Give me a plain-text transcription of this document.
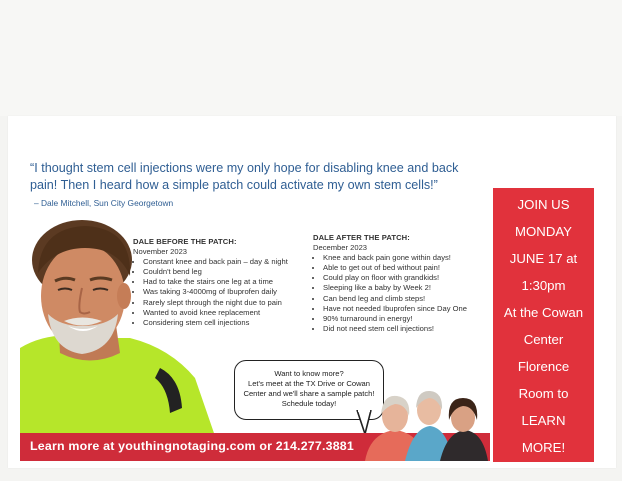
“I thought stem cell injections were my only hope for disabling knee and back
pain! Then I heard how a simple patch could activate my own stem cells!”
– Dale Mitchell, Sun City Georgetown
DALE BEFORE THE PATCH:
November 2023
• Constant knee and back pain – day & night
• Couldn't bend leg
• Had to take the stairs one leg at a time
• Was taking 3-4000mg of Ibuprofen daily
• Rarely slept through the night due to pain
• Wanted to avoid knee replacement
• Considering stem cell injections
DALE AFTER THE PATCH:
December 2023
• Knee and back pain gone within days!
• Able to get out of bed without pain!
• Could play on floor with grandkids!
• Sleeping like a baby by Week 2!
• Can bend leg and climb steps!
• Have not needed Ibuprofen since Day One
• 90% turnaround in energy!
• Did not need stem cell injections!
Want to know more?
Let's meet at the TX Drive or Cowan
Center and we'll share a sample patch!
Schedule today!
Learn more at youthingnotaging.com or 214.277.3881
JOIN US
MONDAY
JUNE 17 at
1:30pm
At the Cowan
Center
Florence
Room to
LEARN
MORE!
